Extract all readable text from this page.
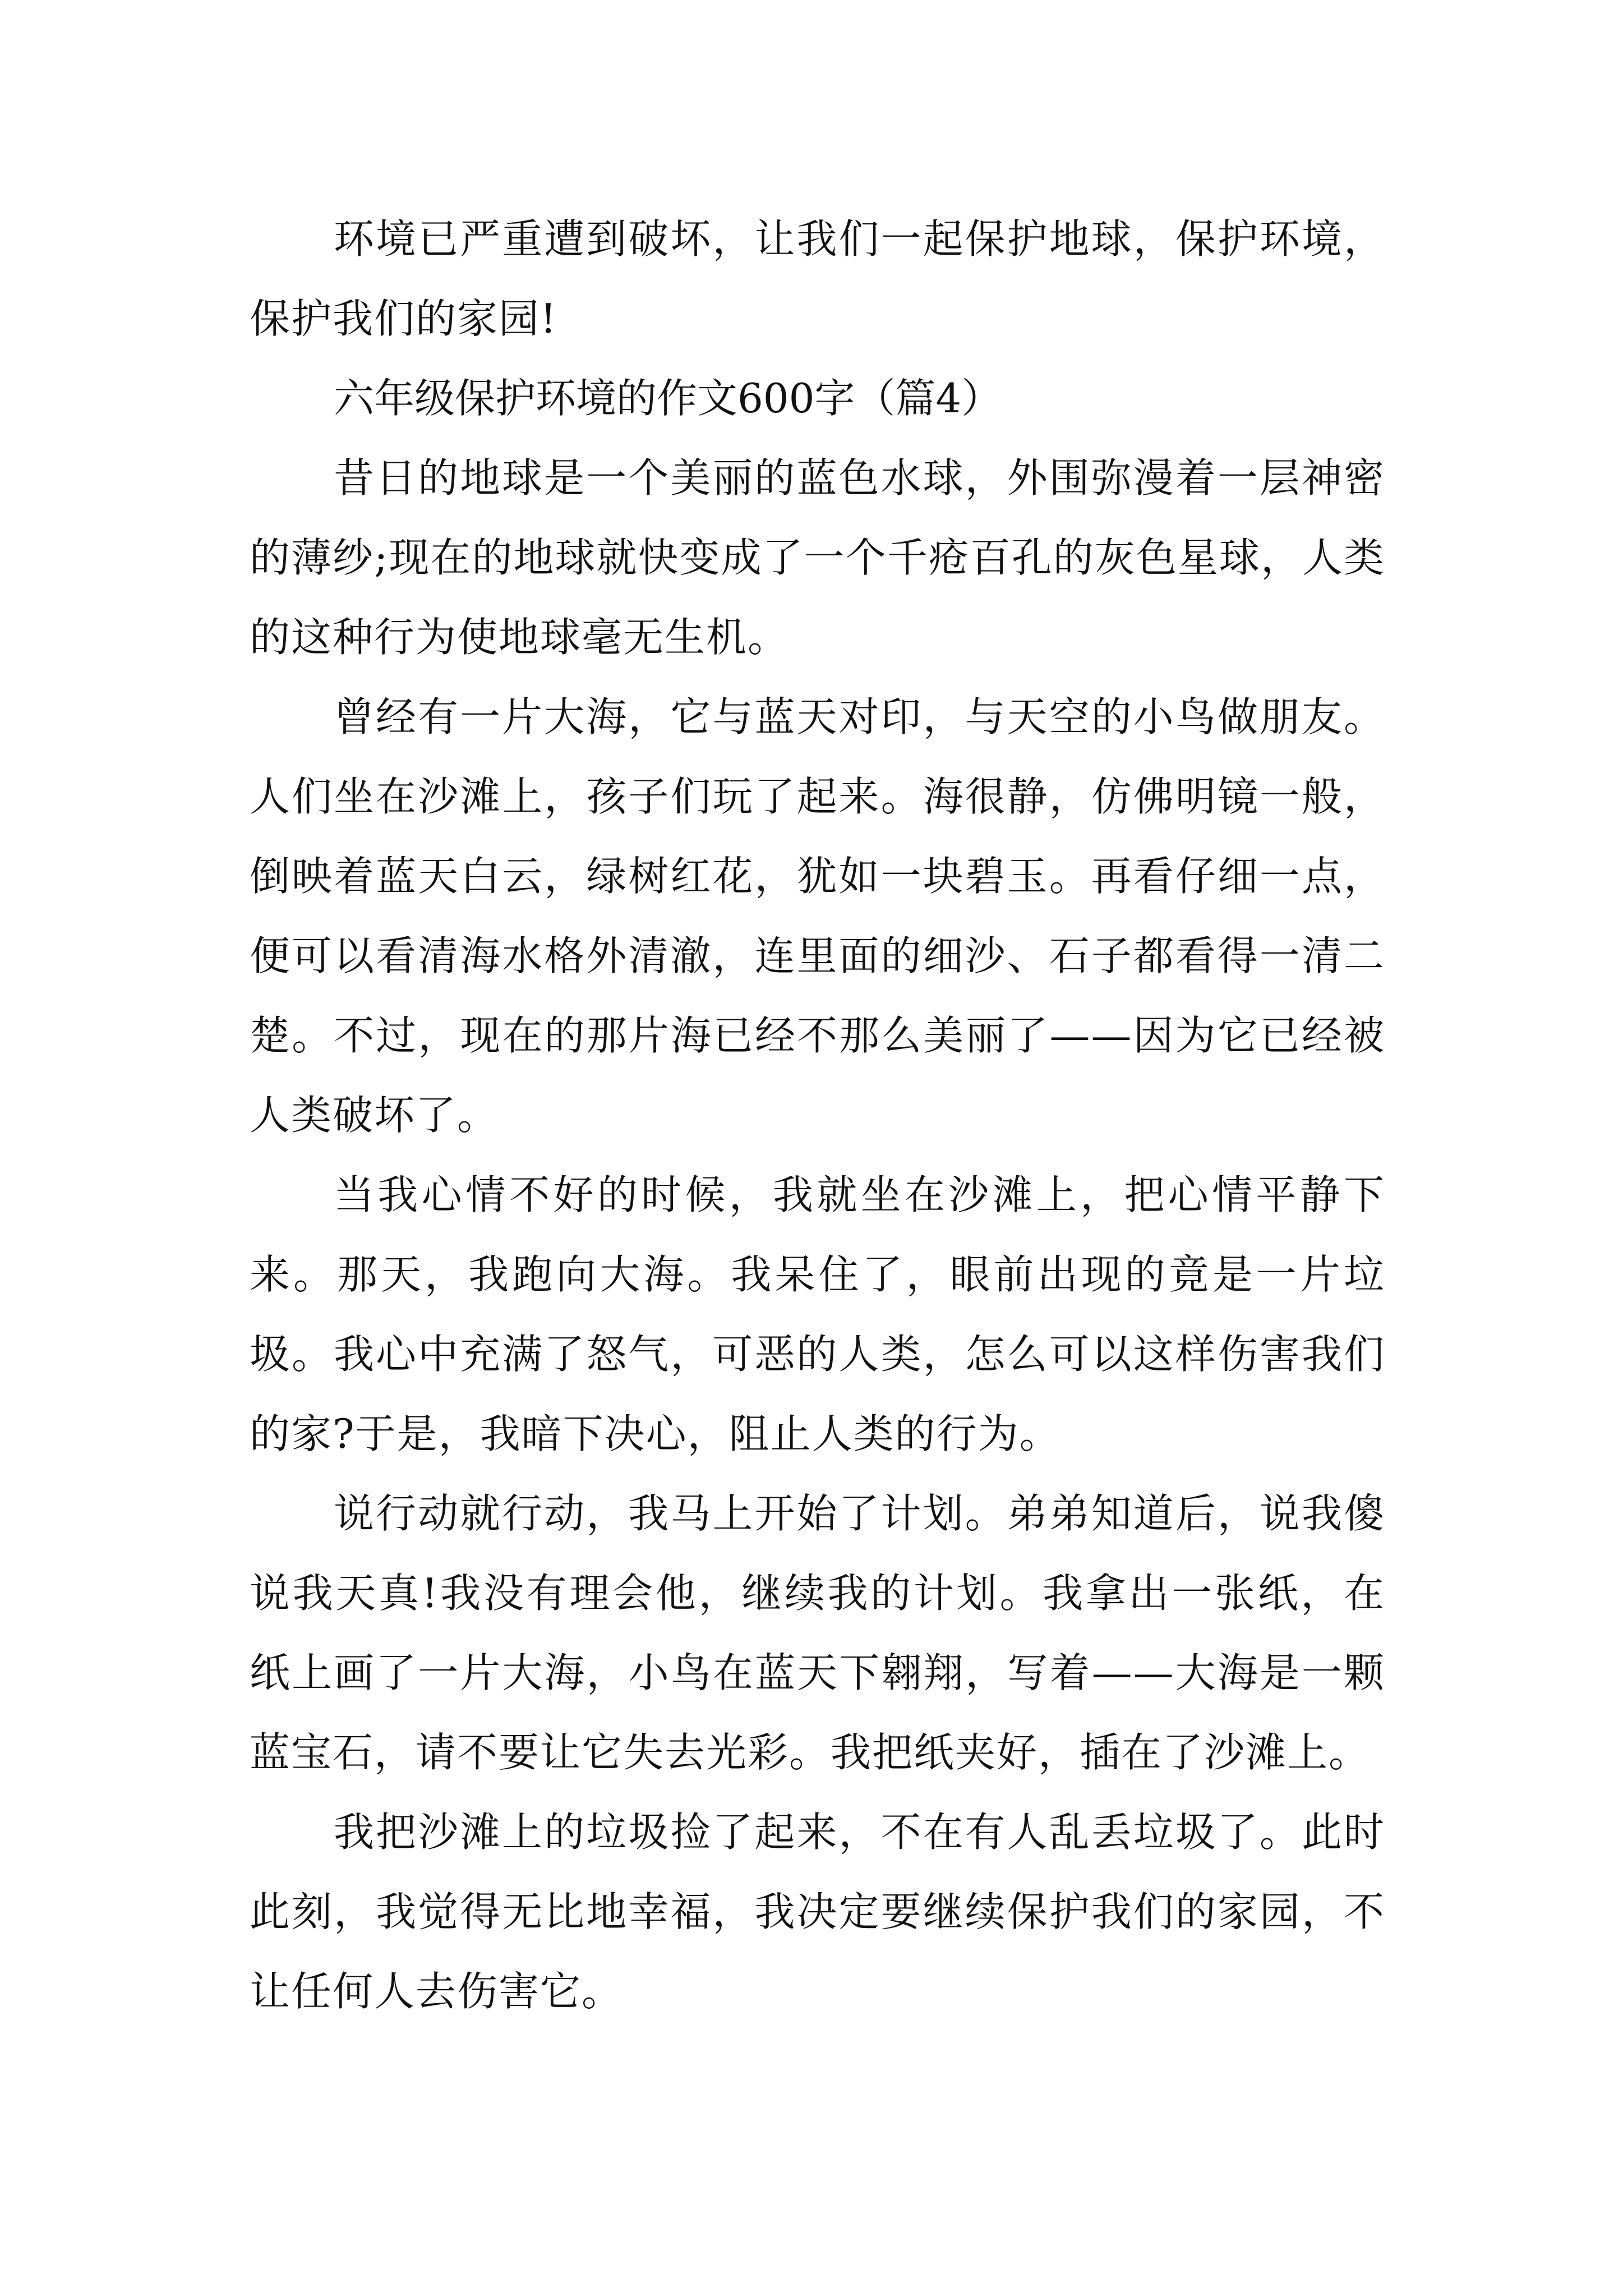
环境已严重遭到破坏，让我们一起保护地球，保护环境，保护我们的家园!

六年级保护环境的作文600字（篇4）

昔日的地球是一个美丽的蓝色水球，外围弥漫着一层神密的薄纱;现在的地球就快变成了一个千疮百孔的灰色星球，人类的这种行为使地球毫无生机。

曾经有一片大海，它与蓝天对印，与天空的小鸟做朋友。人们坐在沙滩上，孩子们玩了起来。海很静，仿佛明镜一般，倒映着蓝天白云，绿树红花，犹如一块碧玉。再看仔细一点，便可以看清海水格外清澈，连里面的细沙、石子都看得一清二楚。不过，现在的那片海已经不那么美丽了——因为它已经被人类破坏了。

当我心情不好的时候，我就坐在沙滩上，把心情平静下来。那天，我跑向大海。我呆住了，眼前出现的竟是一片垃圾。我心中充满了怒气，可恶的人类，怎么可以这样伤害我们的家?于是，我暗下决心，阻止人类的行为。

说行动就行动，我马上开始了计划。弟弟知道后，说我傻说我天真!我没有理会他，继续我的计划。我拿出一张纸，在纸上画了一片大海，小鸟在蓝天下翱翔，写着——大海是一颗蓝宝石，请不要让它失去光彩。我把纸夹好，插在了沙滩上。

我把沙滩上的垃圾捡了起来，不在有人乱丢垃圾了。此时此刻，我觉得无比地幸福，我决定要继续保护我们的家园，不让任何人去伤害它。
